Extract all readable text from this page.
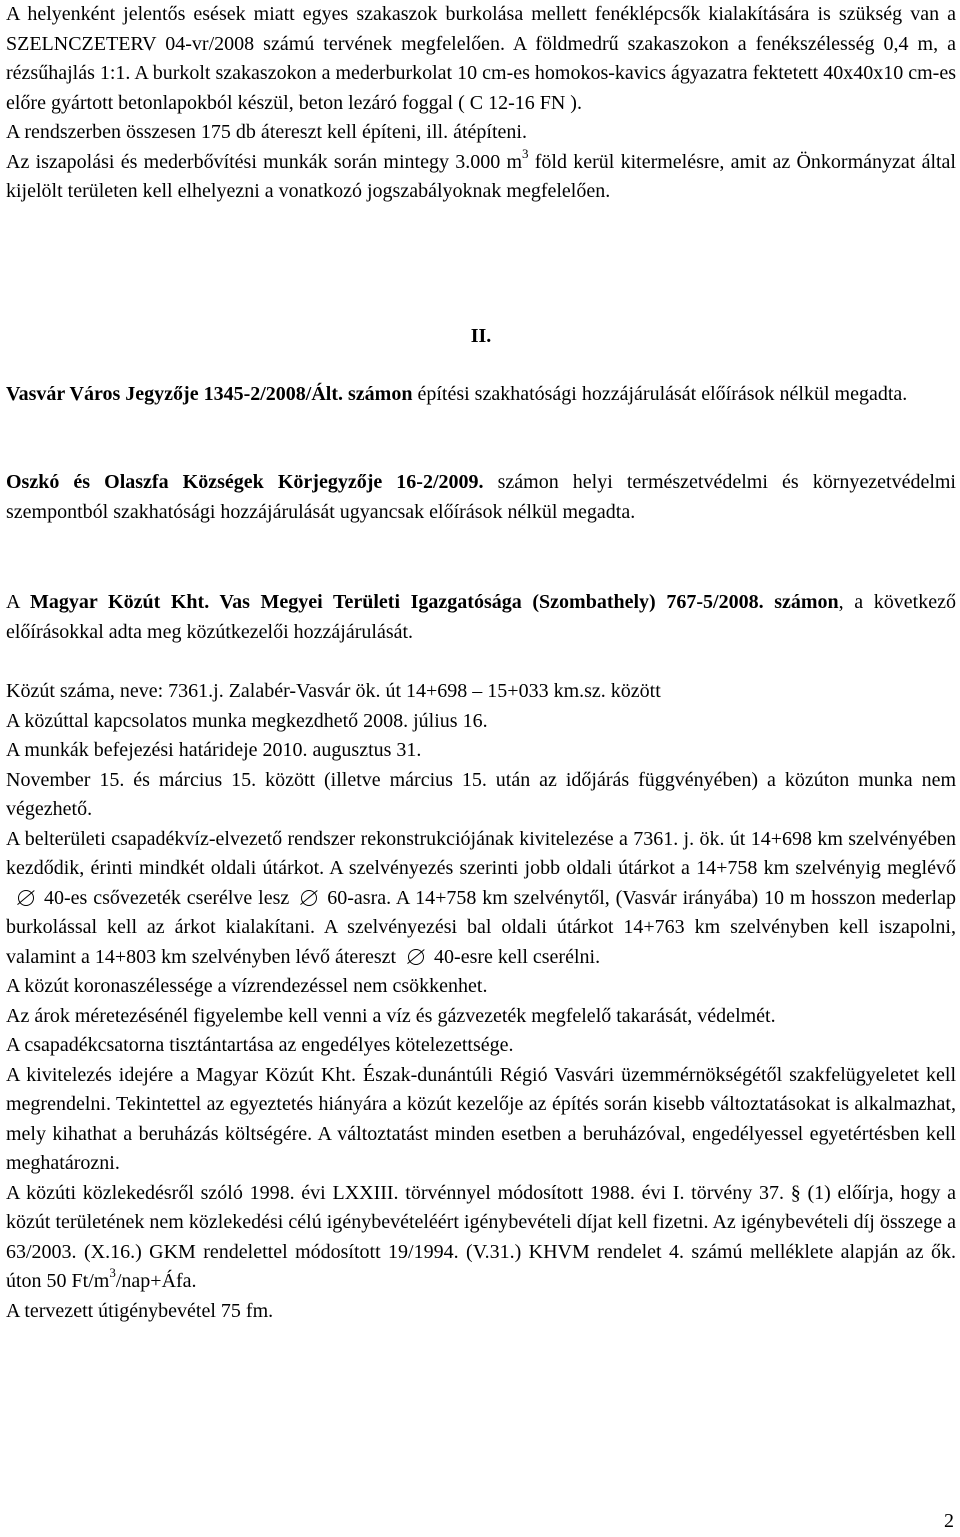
A helyenként jelentős esések miatt egyes szakaszok burkolása mellett fenéklépcsők kialakítására is szükség van a SZELNCZETERV 04-vr/2008 számú tervének megfelelően. A földmedrű szakaszokon a fenékszélesség 0,4 m, a rézsűhajlás 1:1. A burkolt szakaszokon a mederburkolat 10 cm-es homokos-kavics ágyazatra fektetett 40x40x10 cm-es előre gyártott betonlapokból készül, beton lezáró foggal ( C 12-16 FN ).

A rendszerben összesen 175 db átereszt kell építeni, ill. átépíteni.

Az iszapolási és mederbővítési munkák során mintegy 3.000 $m^3$ föld kerül kitermelésre, amit az Önkormányzat által kijelölt területen kell elhelyezni a vonatkozó jogszabályoknak megfelelően.

II.

Vasvár Város Jegyzője 1345-2/2008/Ált. számon építési szakhatósági hozzájárulását előírások nélkül megadta.

Oszkó és Olaszfa Községek Körjegyzője 16-2/2009. számon helyi természetvédelmi és környezetvédelmi szempontból szakhatósági hozzájárulását ugyancsak előírások nélkül megadta.

A Magyar Közút Kht. Vas Megyei Területi Igazgatósága (Szombathely) 767-5/2008. számon, a következő előírásokkal adta meg közútkezelői hozzájárulását.

Közút száma, neve: 7361.j. Zalabér-Vasvár ök. út 14+698 – 15+033 km.sz. között

A közúttal kapcsolatos munka megkezdhető 2008. július 16.

A munkák befejezési határideje 2010. augusztus 31.

November 15. és március 15. között (illetve március 15. után az időjárás függvényében) a közúton munka nem végezhető.

A belterületi csapadékvíz-elvezető rendszer rekonstrukciójának kivitelezése a 7361. j. ök. út 14+698 km szelvényében kezdődik, érinti mindkét oldali útárkot. A szelvényezés szerinti jobb oldali útárkot a 14+758 km szelvényig meglévő40-es csővezeték cserélve lesz 60-asra. A 14+758 km szelvénytől, (Vasvár irányába) 10 m hosszon mederlap burkolással kell az árkot kialakítani. A szelvényezési bal oldali útárkot 14+763 km szelvényben kell iszapolni, valamint a 14+803 km szelvényben lévő átereszt 40-esre kell cserélni.

A közút koronaszélessége a vízrendezéssel nem csökkenhet.

Az árok méretezésénél figyelembe kell venni a víz és gázvezeték megfelelő takarását, védelmét.

A csapadékcsatorna tisztántartása az engedélyes kötelezettsége.

A kivitelezés idejére a Magyar Közút Kht. Észak-dunántúli Régió Vasvári üzemmérnökségétől szakfelügyeletet kell megrendelni. Tekintettel az egyeztetés hiányára a közút kezelője az építés során kisebb változtatásokat is alkalmazhat, mely kihathat a beruházás költségére. A változtatást minden esetben a beruházóval, engedélyessel egyetértésben kell meghatározni.

A közúti közlekedésről szóló 1998. évi LXXIII. törvénnyel módosított 1988. évi I. törvény 37. § (1) előírja, hogy a közút területének nem közlekedési célú igénybevételéért igénybevételi díjat kell fizetni. Az igénybevételi díj összege a 63/2003. (X.16.) GKM rendelettel módosított 19/1994. (V.31.) KHVM rendelet 4. számú melléklete alapján az ők. úton 50 $Ft/m^3/nap+Áfa$.

A tervezett útigénybevétel 75 fm.

2
